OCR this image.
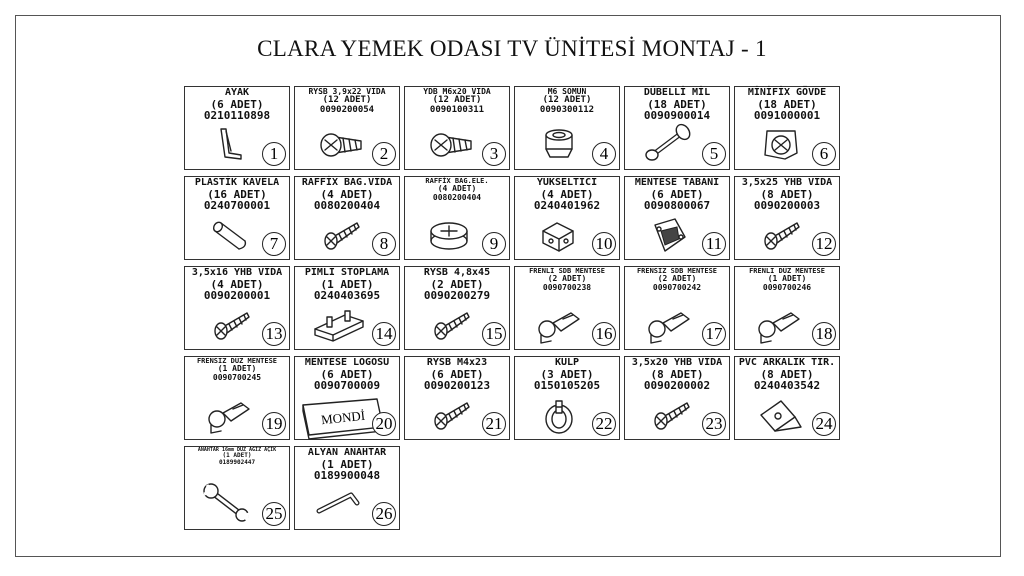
CLARA YEMEK ODASI TV ÜNİTESİ MONTAJ - 1
AYAK
(6 ADET)
0210110898
1
RYSB 3,9x22 VIDA
(12 ADET)
0090200054
2
YDB M6x20 VIDA
(12 ADET)
0090100311
3
M6 SOMUN
(12 ADET)
0090300112
4
DÜBELLİ MİL
(18 ADET)
0090900014
5
MİNİFİX GÖVDE
(18 ADET)
0091000001
6
PLASTİK KAVELA
(16 ADET)
0240700001
7
RAFFİX BAG.VIDA
(4 ADET)
0080200404
8
RAFFİX BAG.ELE.
(4 ADET)
0080200404
9
YUKSELTICI
(4 ADET)
0240401962
10
MENTESE TABANI
(6 ADET)
0090800067
11
3,5x25 YHB VIDA
(8 ADET)
0090200003
12
3,5x16 YHB VIDA
(4 ADET)
0090200001
13
PIMLI STOPLAMA
(1 ADET)
0240403695
14
RYSB 4,8x45
(2 ADET)
0090200279
15
FRENLI SDB MENTESE
(2 ADET)
0090700238
16
FRENSIZ SDB MENTESE
(2 ADET)
0090700242
17
FRENLI DÜZ MENTESE
(1 ADET)
0090700246
18
FRENSIZ DÜZ MENTESE
(1 ADET)
0090700245
19	MONDİ
MENTESE LOGOSU
(6 ADET)
0090700009
20
RYSB M4x23
(6 ADET)
0090200123
21
KULP
(3 ADET)
0150105205
22
3,5x20 YHB VIDA
(8 ADET)
0090200002
23
PVC ARKALIK TIR.
(8 ADET)
0240403542
24
ANAHTAR 16mm DÜZ AGIZ AÇIK
(1 ADET)
0189902447
25
ALYAN ANAHTAR
(1 ADET)
0189900048
26
